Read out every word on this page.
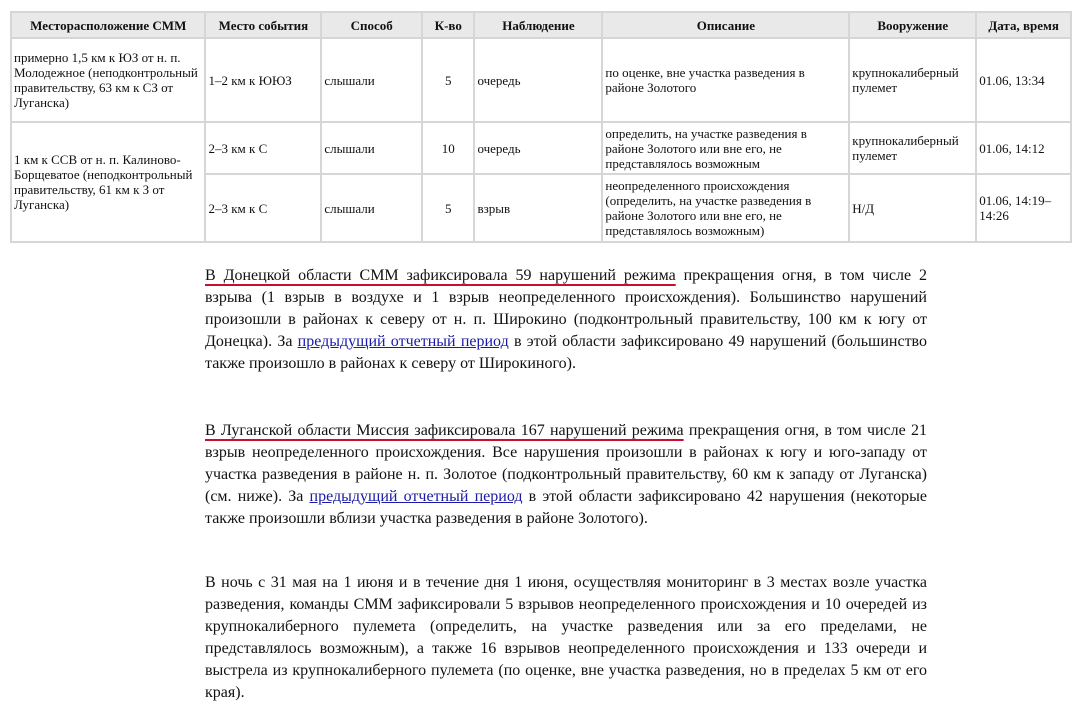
Месторасположение СММ	Место события	Способ	К-во	Наблюдение	Описание	Вооружение	Дата, время
примерно 1,5 км к ЮЗ от н. п. Молодежное (неподконтрольный правительству, 63 км к СЗ от Луганска)	1–2 км к ЮЮЗ	слышали	5	очередь	по оценке, вне участка разведения в районе Золотого	крупнокалиберный пулемет	01.06, 13:34
1 км к ССВ от н. п. Калиново-Борщеватое (неподконтрольный правительству, 61 км к З от Луганска)	2–3 км к С	слышали	10	очередь	определить, на участке разведения в районе Золотого или вне его, не представлялось возможным	крупнокалиберный пулемет	01.06, 14:12
	2–3 км к С	слышали	5	взрыв	неопределенного происхождения (определить, на участке разведения в районе Золотого или вне его, не представлялось возможным)	Н/Д	01.06, 14:19–14:26

В Донецкой области СММ зафиксировала 59 нарушений режима прекращения огня, в том числе 2 взрыва (1 взрыв в воздухе и 1 взрыв неопределенного происхождения). Большинство нарушений произошли в районах к северу от н. п. Широкино (подконтрольный правительству, 100 км к югу от Донецка). За предыдущий отчетный период в этой области зафиксировано 49 нарушений (большинство также произошло в районах к северу от Широкиного).

В Луганской области Миссия зафиксировала 167 нарушений режима прекращения огня, в том числе 21 взрыв неопределенного происхождения. Все нарушения произошли в районах к югу и юго-западу от участка разведения в районе н. п. Золотое (подконтрольный правительству, 60 км к западу от Луганска) (см. ниже). За предыдущий отчетный период в этой области зафиксировано 42 нарушения (некоторые также произошли вблизи участка разведения в районе Золотого).

В ночь с 31 мая на 1 июня и в течение дня 1 июня, осуществляя мониторинг в 3 местах возле участка разведения, команды СММ зафиксировали 5 взрывов неопределенного происхождения и 10 очередей из крупнокалиберного пулемета (определить, на участке разведения или за его пределами, не представлялось возможным), а также 16 взрывов неопределенного происхождения и 133 очереди и выстрела из крупнокалиберного пулемета (по оценке, вне участка разведения, но в пределах 5 км от его края).
